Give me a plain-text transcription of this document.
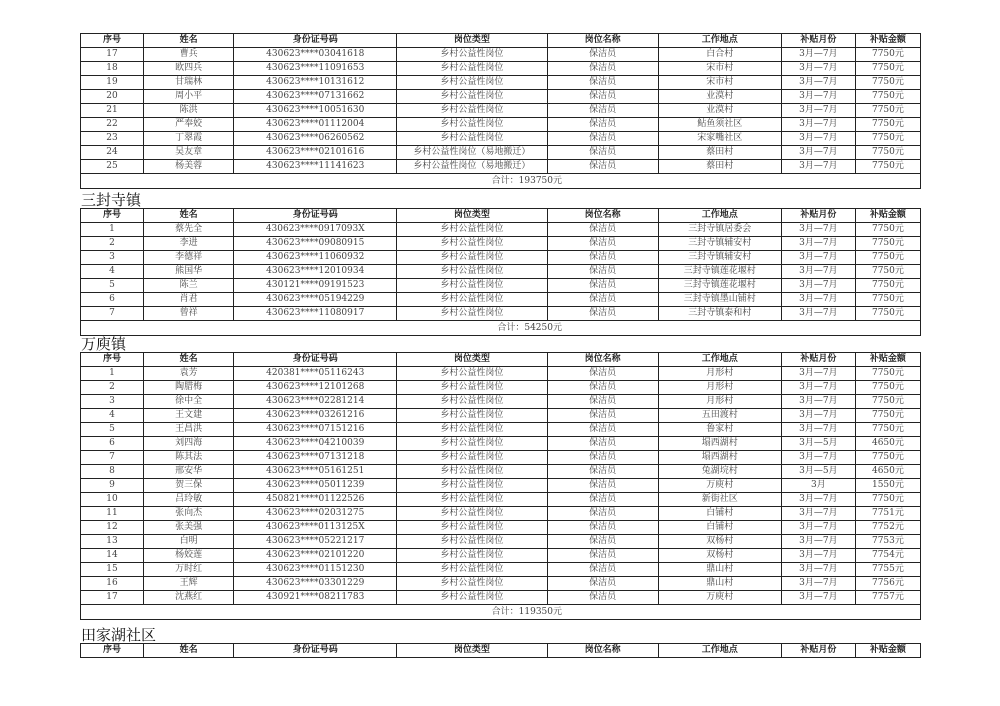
序号	姓名	身份证号码	岗位类型	岗位名称	工作地点	补贴月份	补贴金额
17	曹兵	430623****03041618	乡村公益性岗位	保洁员	白合村	3月—7月	7750元
18	欧四兵	430623****11091653	乡村公益性岗位	保洁员	宋市村	3月—7月	7750元
19	甘瑞林	430623****10131612	乡村公益性岗位	保洁员	宋市村	3月—7月	7750元
20	周小平	430623****07131662	乡村公益性岗位	保洁员	业漠村	3月—7月	7750元
21	陈洪	430623****10051630	乡村公益性岗位	保洁员	业漠村	3月—7月	7750元
22	严奉姣	430623****01112004	乡村公益性岗位	保洁员	鲇鱼须社区	3月—7月	7750元
23	丁翠霞	430623****06260562	乡村公益性岗位	保洁员	宋家嘴社区	3月—7月	7750元
24	吴友章	430623****02101616	乡村公益性岗位（易地搬迁）	保洁员	蔡田村	3月—7月	7750元
25	杨美蓉	430623****11141623	乡村公益性岗位（易地搬迁）	保洁员	蔡田村	3月—7月	7750元
合计：193750元							
三封寺镇
序号	姓名	身份证号码	岗位类型	岗位名称	工作地点	补贴月份	补贴金额
1	蔡先全	430623****0917093X	乡村公益性岗位	保洁员	三封寺镇居委会	3月—7月	7750元
2	李进	430623****09080915	乡村公益性岗位	保洁员	三封寺镇辅安村	3月—7月	7750元
3	李德祥	430623****11060932	乡村公益性岗位	保洁员	三封寺镇辅安村	3月—7月	7750元
4	熊国华	430623****12010934	乡村公益性岗位	保洁员	三封寺镇莲花堰村	3月—7月	7750元
5	陈兰	430121****09191523	乡村公益性岗位	保洁员	三封寺镇莲花堰村	3月—7月	7750元
6	肖君	430623****05194229	乡村公益性岗位	保洁员	三封寺镇墨山铺村	3月—7月	7750元
7	曾祥	430623****11080917	乡村公益性岗位	保洁员	三封寺镇泰和村	3月—7月	7750元
合计：54250元							
万庾镇
序号	姓名	身份证号码	岗位类型	岗位名称	工作地点	补贴月份	补贴金额
1	袁芳	420381****05116243	乡村公益性岗位	保洁员	月形村	3月—7月	7750元
2	陶腊梅	430623****12101268	乡村公益性岗位	保洁员	月形村	3月—7月	7750元
3	徐中全	430623****02281214	乡村公益性岗位	保洁员	月形村	3月—7月	7750元
4	王文建	430623****03261216	乡村公益性岗位	保洁员	五田渡村	3月—7月	7750元
5	王昌洪	430623****07151216	乡村公益性岗位	保洁员	鲁家村	3月—7月	7750元
6	刘四海	430623****04210039	乡村公益性岗位	保洁员	塌西湖村	3月—5月	4650元
7	陈其法	430623****07131218	乡村公益性岗位	保洁员	塌西湖村	3月—7月	7750元
8	邢安华	430623****05161251	乡村公益性岗位	保洁员	兔湖垸村	3月—5月	4650元
9	贺三保	430623****05011239	乡村公益性岗位	保洁员	万庾村	3月	1550元
10	吕玲敏	450821****01122526	乡村公益性岗位	保洁员	新街社区	3月—7月	7750元
11	张向杰	430623****02031275	乡村公益性岗位	保洁员	白铺村	3月—7月	7751元
12	张美强	430623****0113125X	乡村公益性岗位	保洁员	白铺村	3月—7月	7752元
13	白明	430623****05221217	乡村公益性岗位	保洁员	双杨村	3月—7月	7753元
14	杨姣莲	430623****02101220	乡村公益性岗位	保洁员	双杨村	3月—7月	7754元
15	万时红	430623****01151230	乡村公益性岗位	保洁员	鼎山村	3月—7月	7755元
16	王辉	430623****03301229	乡村公益性岗位	保洁员	鼎山村	3月—7月	7756元
17	沈燕红	430921****08211783	乡村公益性岗位	保洁员	万庾村	3月—7月	7757元
合计：119350元							
田家湖社区
序号	姓名	身份证号码	岗位类型	岗位名称	工作地点	补贴月份	补贴金额
